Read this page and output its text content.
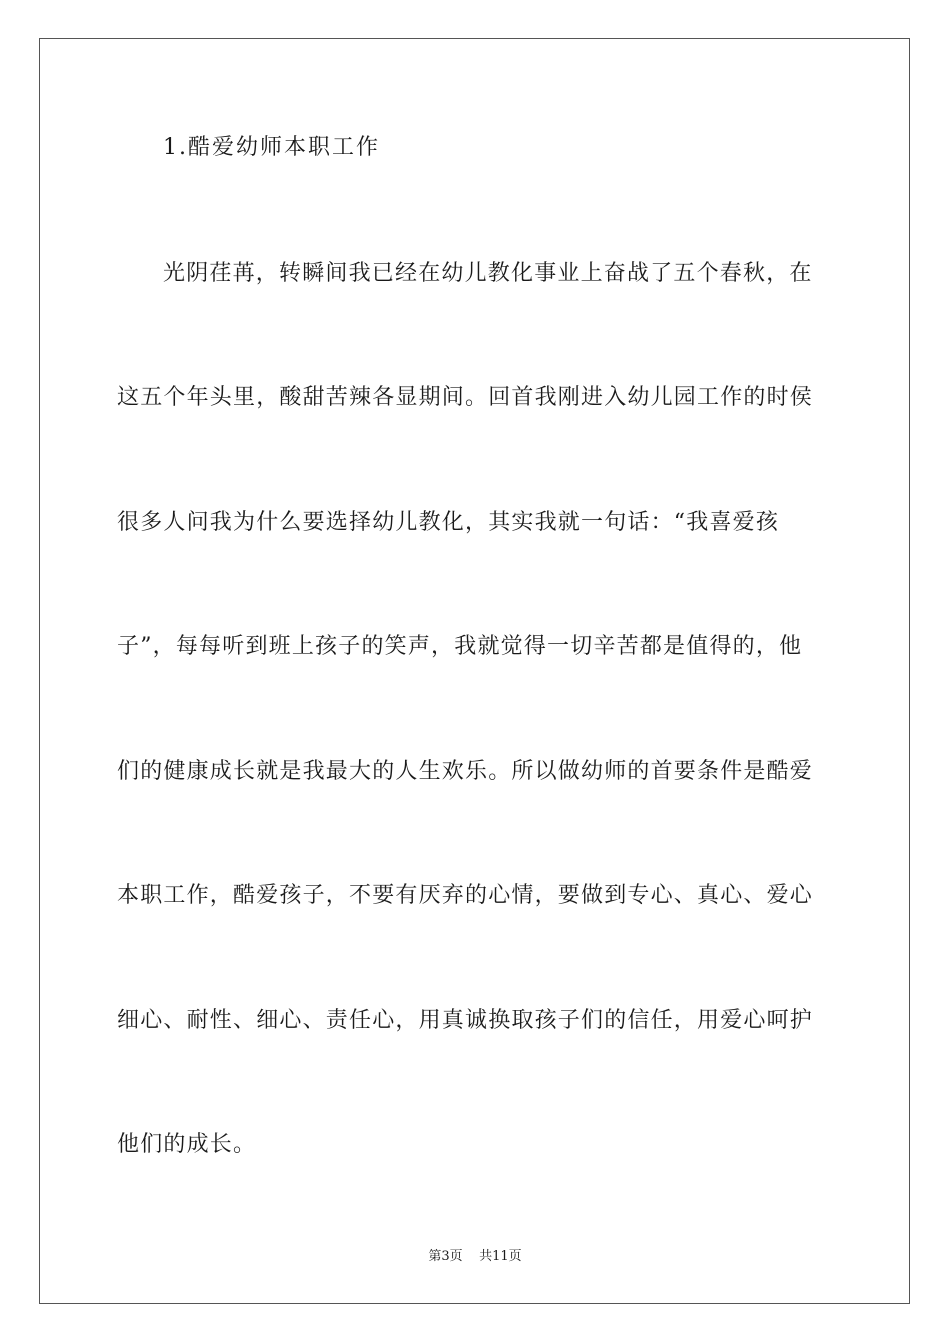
1.酷爱幼师本职工作
光阴荏苒，转瞬间我已经在幼儿教化事业上奋战了五个春秋，在
这五个年头里，酸甜苦辣各显期间。回首我刚进入幼儿园工作的时侯
很多人问我为什么要选择幼儿教化，其实我就一句话：“我喜爱孩
子”，每每听到班上孩子的笑声，我就觉得一切辛苦都是值得的，他
们的健康成长就是我最大的人生欢乐。所以做幼师的首要条件是酷爱
本职工作，酷爱孩子，不要有厌弃的心情，要做到专心、真心、爱心
细心、耐性、细心、责任心，用真诚换取孩子们的信任，用爱心呵护
他们的成长。
第3页    共11页
